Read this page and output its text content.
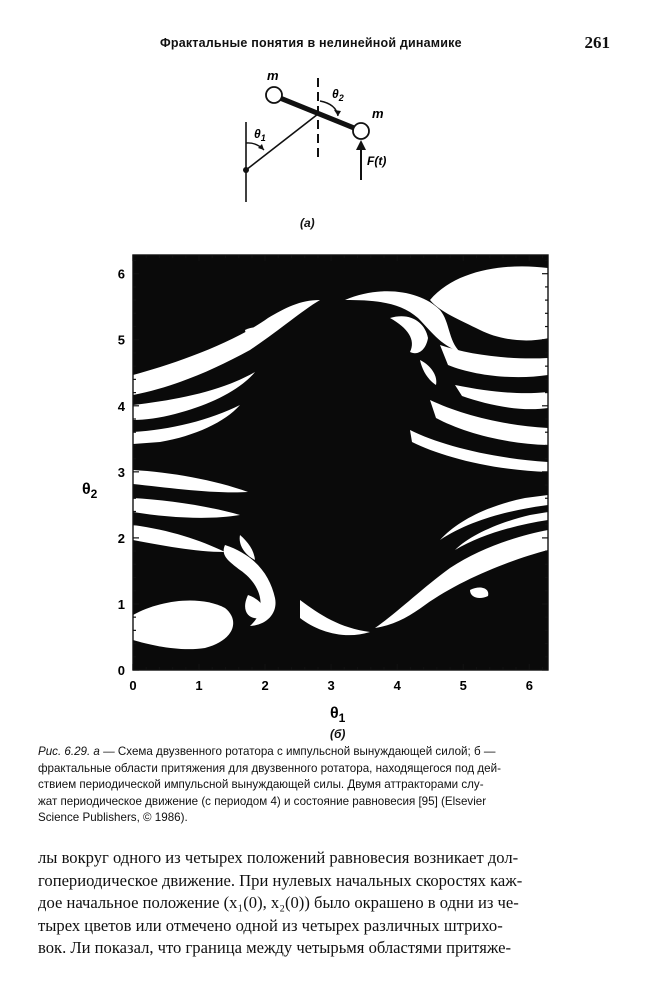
Фрактальные понятия в нелинейной динамике	261
m
m
$\theta_1$
$\theta_2$
F(t)
(a)
0	1	2	3	4	5	6
0
1
2
3
4
5
6
$\theta_1$
$\theta_2$
(б)
Рис. 6.29. а — Схема двузвенного ротатора с импульсной вынуждающей силой; б —
фрактальные области притяжения для двузвенного ротатора, находящегося под дей-
ствием периодической импульсной вынуждающей силы. Двумя аттракторами слу-
жат периодическое движение (с периодом 4) и состояние равновесия [95] (Elsevier
Science Publishers, © 1986).
лы вокруг одного из четырех положений равновесия возникает дол-
гопериодическое движение. При нулевых начальных скоростях каж-
дое начальное положение (x₁(0), x₂(0)) было окрашено в одни из че-
тырех цветов или отмечено одной из четырех различных штрихо-
вок. Ли показал, что граница между четырьмя областями притяже-
